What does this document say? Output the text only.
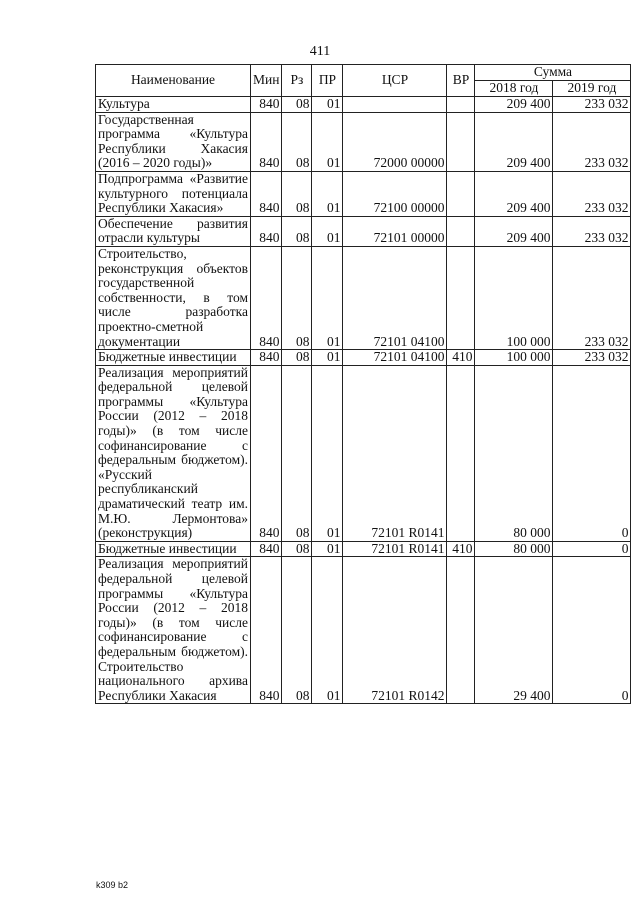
411
Наименование	Мин	Рз	ПР	ЦСР	ВР	Сумма	
						2018 год	2019 год
Культура	840	08	01			209 400	233 032
Государственная программа «Культура Республики Хакасия (2016 – 2020 годы)»	840	08	01	72000 00000		209 400	233 032
Подпрограмма «Развитие культурного потенциала Республики Хакасия»	840	08	01	72100 00000		209 400	233 032
Обеспечение развития отрасли культуры	840	08	01	72101 00000		209 400	233 032
Строительство, реконструкция объектов государственной собственности, в том числе разработка проектно-сметной документации	840	08	01	72101 04100		100 000	233 032
Бюджетные инвестиции	840	08	01	72101 04100	410	100 000	233 032
Реализация мероприятий федеральной целевой программы «Культура России (2012 – 2018 годы)» (в том числе софинансирование с федеральным бюджетом). «Русский республиканский драматический театр им. М.Ю. Лермонтова» (реконструкция)	840	08	01	72101 R0141		80 000	0
Бюджетные инвестиции	840	08	01	72101 R0141	410	80 000	0
Реализация мероприятий федеральной целевой программы «Культура России (2012 – 2018 годы)» (в том числе софинансирование с федеральным бюджетом). Строительство национального архива Республики Хакасия	840	08	01	72101 R0142		29 400	0
k309 b2
